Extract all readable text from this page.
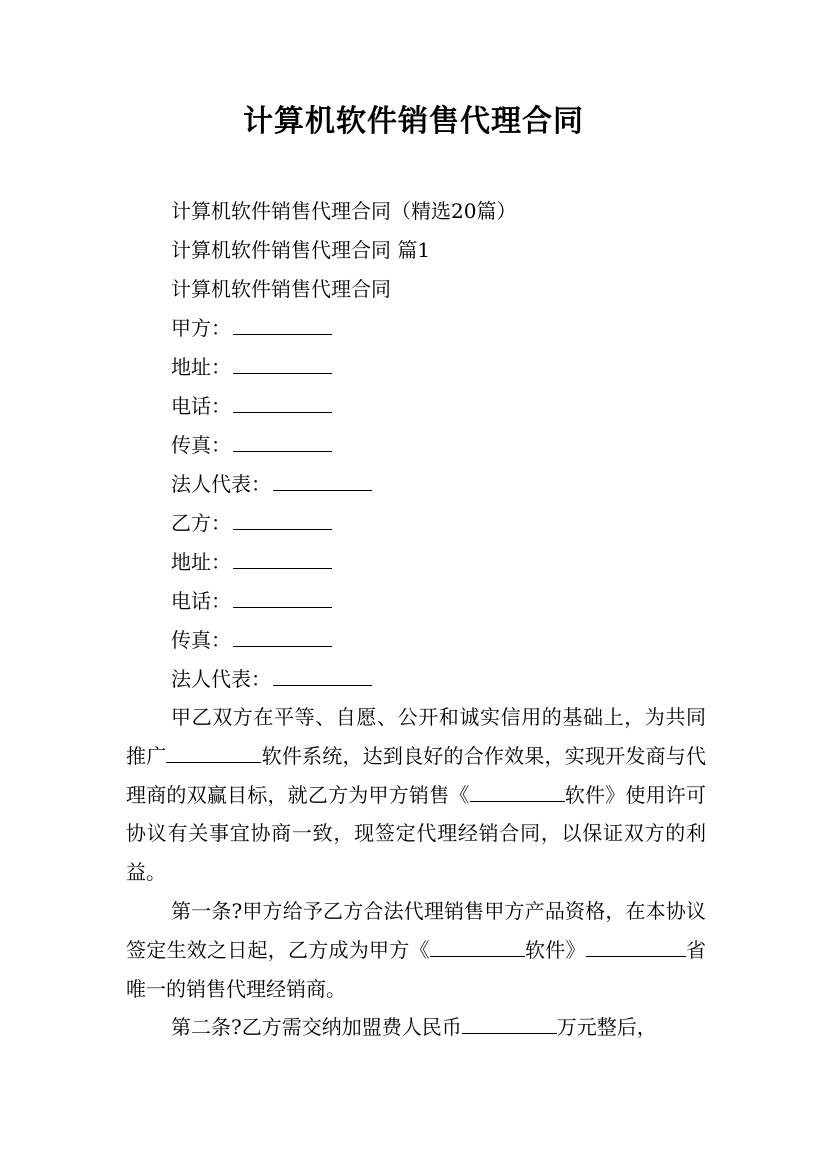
计算机软件销售代理合同
计算机软件销售代理合同（精选20篇）
计算机软件销售代理合同 篇1
计算机软件销售代理合同
甲方：
地址：
电话：
传真：
法人代表：
乙方：
地址：
电话：
传真：
法人代表：
甲乙双方在平等、自愿、公开和诚实信用的基础上，为共同推广	软件系统，达到良好的合作效果，实现开发商与代理商的双赢目标，就乙方为甲方销售《	软件》使用许可协议有关事宜协商一致，现签定代理经销合同，以保证双方的利益。
第一条?甲方给予乙方合法代理销售甲方产品资格，在本协议签定生效之日起，乙方成为甲方《	软件》	省唯一的销售代理经销商。
第二条?乙方需交纳加盟费人民币	万元整后，
